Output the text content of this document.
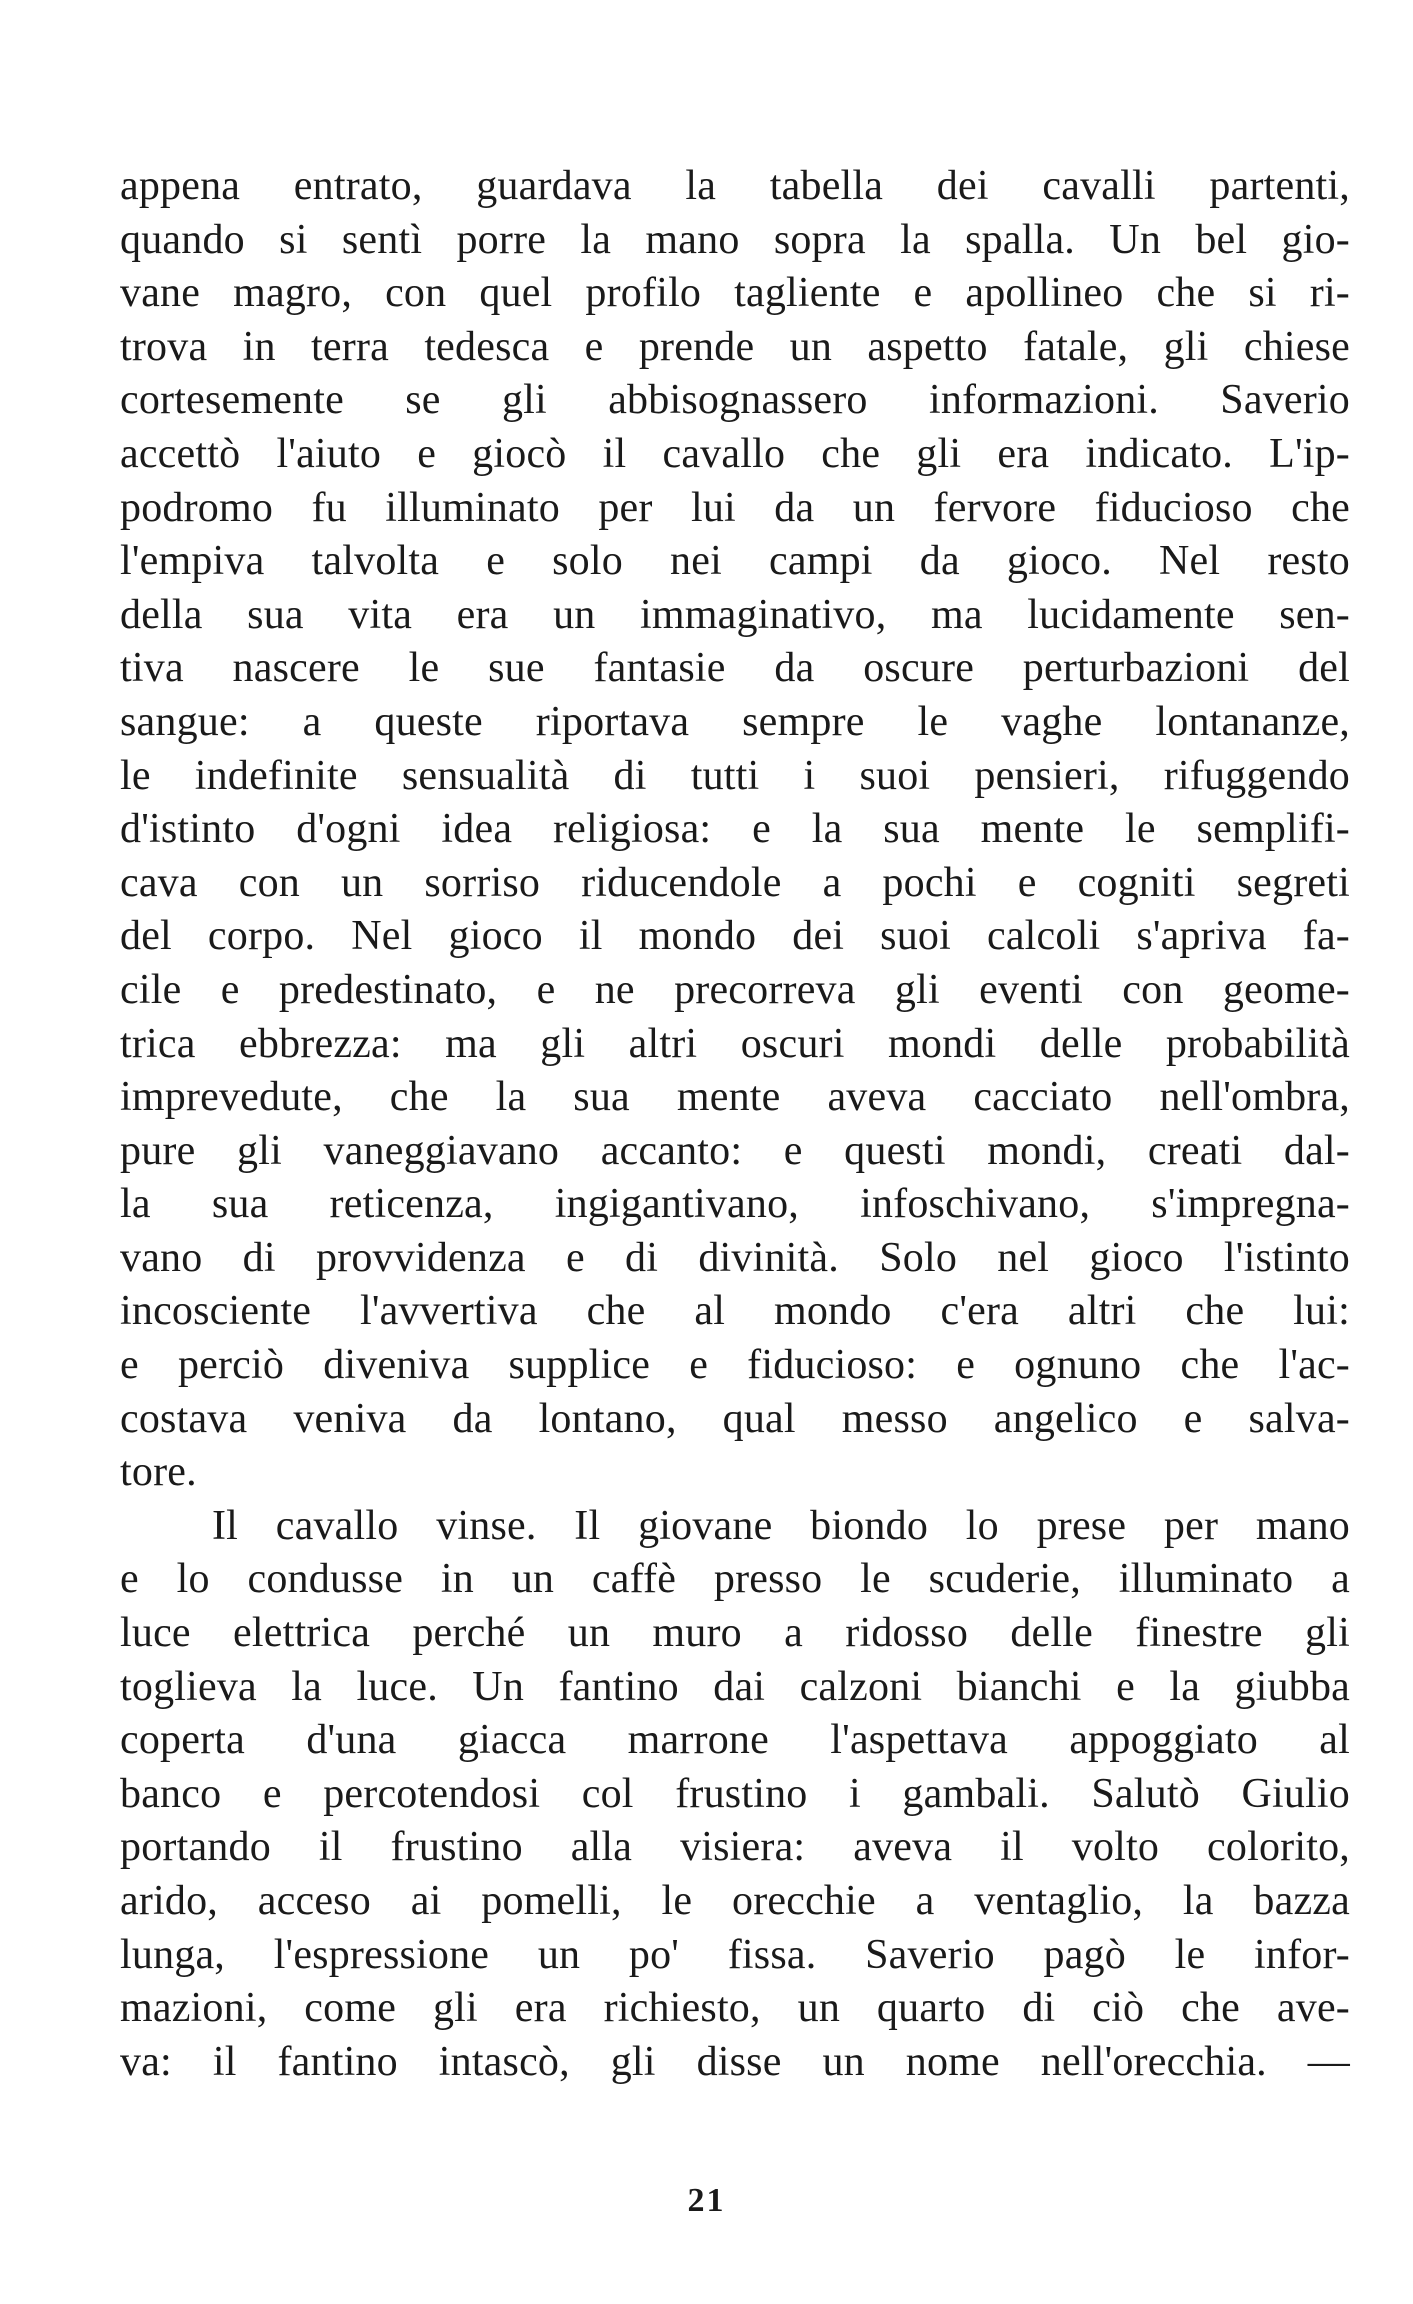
appena entrato, guardava la tabella dei cavalli partenti,
quando si sentì porre la mano sopra la spalla. Un bel gio-
vane magro, con quel profilo tagliente e apollineo che si ri-
trova in terra tedesca e prende un aspetto fatale, gli chiese
cortesemente se gli abbisognassero informazioni. Saverio
accettò l'aiuto e giocò il cavallo che gli era indicato. L'ip-
podromo fu illuminato per lui da un fervore fiducioso che
l'empiva talvolta e solo nei campi da gioco. Nel resto
della sua vita era un immaginativo, ma lucidamente sen-
tiva nascere le sue fantasie da oscure perturbazioni del
sangue: a queste riportava sempre le vaghe lontananze,
le indefinite sensualità di tutti i suoi pensieri, rifuggendo
d'istinto d'ogni idea religiosa: e la sua mente le semplifi-
cava con un sorriso riducendole a pochi e cogniti segreti
del corpo. Nel gioco il mondo dei suoi calcoli s'apriva fa-
cile e predestinato, e ne precorreva gli eventi con geome-
trica ebbrezza: ma gli altri oscuri mondi delle probabilità
imprevedute, che la sua mente aveva cacciato nell'ombra,
pure gli vaneggiavano accanto: e questi mondi, creati dal-
la sua reticenza, ingigantivano, infoschivano, s'impregna-
vano di provvidenza e di divinità. Solo nel gioco l'istinto
incosciente l'avvertiva che al mondo c'era altri che lui:
e perciò diveniva supplice e fiducioso: e ognuno che l'ac-
costava veniva da lontano, qual messo angelico e salva-
tore.
Il cavallo vinse. Il giovane biondo lo prese per mano
e lo condusse in un caffè presso le scuderie, illuminato a
luce elettrica perché un muro a ridosso delle finestre gli
toglieva la luce. Un fantino dai calzoni bianchi e la giubba
coperta d'una giacca marrone l'aspettava appoggiato al
banco e percotendosi col frustino i gambali. Salutò Giulio
portando il frustino alla visiera: aveva il volto colorito,
arido, acceso ai pomelli, le orecchie a ventaglio, la bazza
lunga, l'espressione un po' fissa. Saverio pagò le infor-
mazioni, come gli era richiesto, un quarto di ciò che ave-
va: il fantino intascò, gli disse un nome nell'orecchia. —
21
